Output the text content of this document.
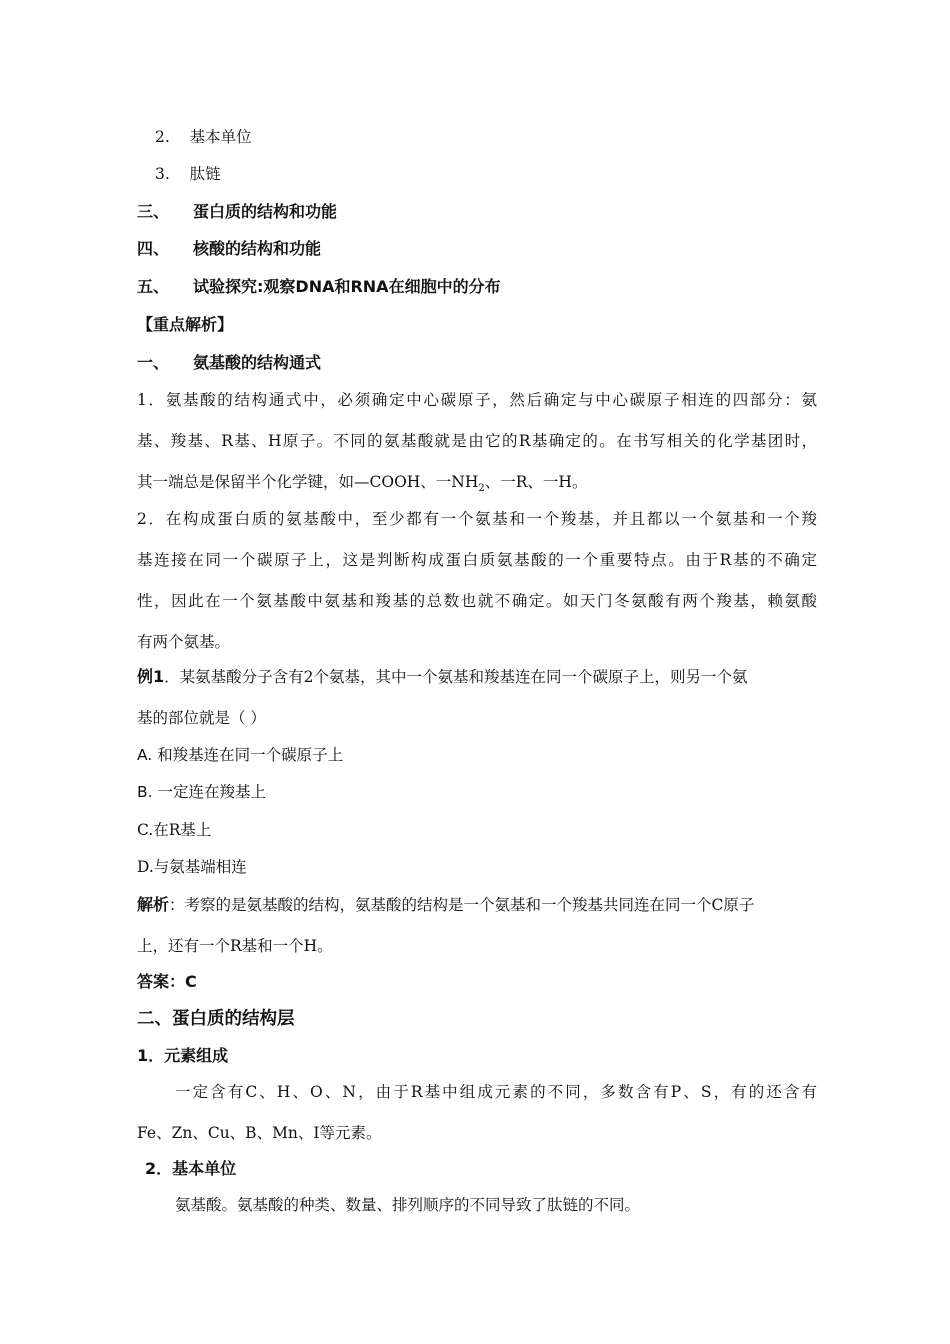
2. 基本单位
3. 肽链
三、 蛋白质的结构和功能
四、 核酸的结构和功能
五、 试验探究:观察DNA和RNA在细胞中的分布
【重点解析】
一、 氨基酸的结构通式
1．氨基酸的结构通式中，必须确定中心碳原子，然后确定与中心碳原子相连的四部分：氨
基、羧基、R基、H原子。不同的氨基酸就是由它的R基确定的。在书写相关的化学基团时，
其一端总是保留半个化学键，如—COOH、一$NH_2$、一R、一H。
2．在构成蛋白质的氨基酸中，至少都有一个氨基和一个羧基，并且都以一个氨基和一个羧
基连接在同一个碳原子上，这是判断构成蛋白质氨基酸的一个重要特点。由于R基的不确定
性，因此在一个氨基酸中氨基和羧基的总数也就不确定。如天门冬氨酸有两个羧基，赖氨酸
有两个氨基。
例1．某氨基酸分子含有2个氨基，其中一个氨基和羧基连在同一个碳原子上，则另一个氨
基的部位就是（ ）
A. 和羧基连在同一个碳原子上
B. 一定连在羧基上
C.在R基上
D.与氨基端相连
解析：考察的是氨基酸的结构，氨基酸的结构是一个氨基和一个羧基共同连在同一个C原子
上，还有一个R基和一个H。
答案：C
二、蛋白质的结构层
1．元素组成
一定含有C、H、O、N，由于R基中组成元素的不同，多数含有P、S，有的还含有
Fe、Zn、Cu、B、Mn、I等元素。
2．基本单位
氨基酸。氨基酸的种类、数量、排列顺序的不同导致了肽链的不同。
